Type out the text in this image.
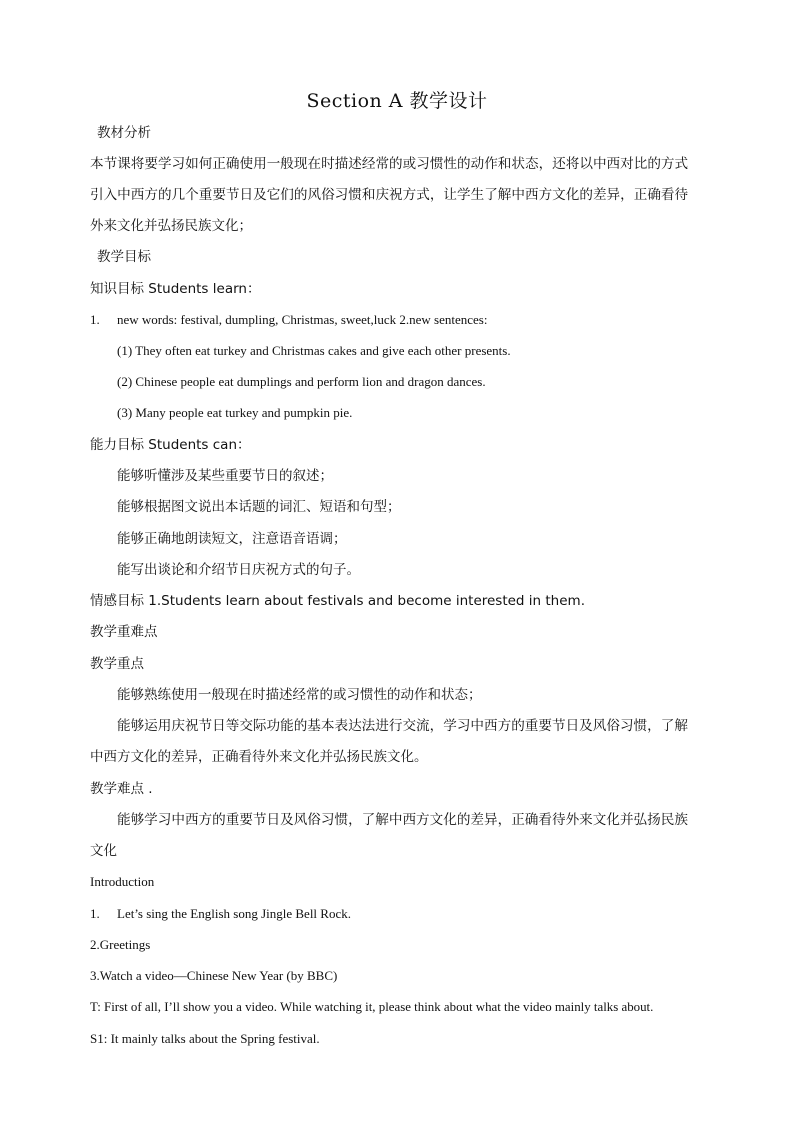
Section A 教学设计
教材分析
本节课将要学习如何正确使用一般现在时描述经常的或习惯性的动作和状态，还将以中西对比的方式
引入中西方的几个重要节日及它们的风俗习惯和庆祝方式，让学生了解中西方文化的差异，正确看待
外来文化并弘扬民族文化；
教学目标
知识目标 Students learn：
1.	new words: festival, dumpling, Christmas, sweet,luck 2.new sentences:
(1) They often eat turkey and Christmas cakes and give each other presents.
(2) Chinese people eat dumplings and perform lion and dragon dances.
(3) Many people eat turkey and pumpkin pie.
能力目标 Students can：
能够听懂涉及某些重要节日的叙述；
能够根据图文说出本话题的词汇、短语和句型；
能够正确地朗读短文，注意语音语调；
能写出谈论和介绍节日庆祝方式的句子。
情感目标 1.Students learn about festivals and become interested in them.
教学重难点
教学重点
能够熟练使用一般现在时描述经常的或习惯性的动作和状态；
能够运用庆祝节日等交际功能的基本表达法进行交流，学习中西方的重要节日及风俗习惯，了解
中西方文化的差异，正确看待外来文化并弘扬民族文化。
教学难点 .
能够学习中西方的重要节日及风俗习惯，了解中西方文化的差异，正确看待外来文化并弘扬民族
文化
Introduction
1.	Let’s sing the English song Jingle Bell Rock.
2.Greetings
3.Watch a video—Chinese New Year (by BBC)
T: First of all, I’ll show you a video. While watching it, please think about what the video mainly talks about.
S1: It mainly talks about the Spring festival.
